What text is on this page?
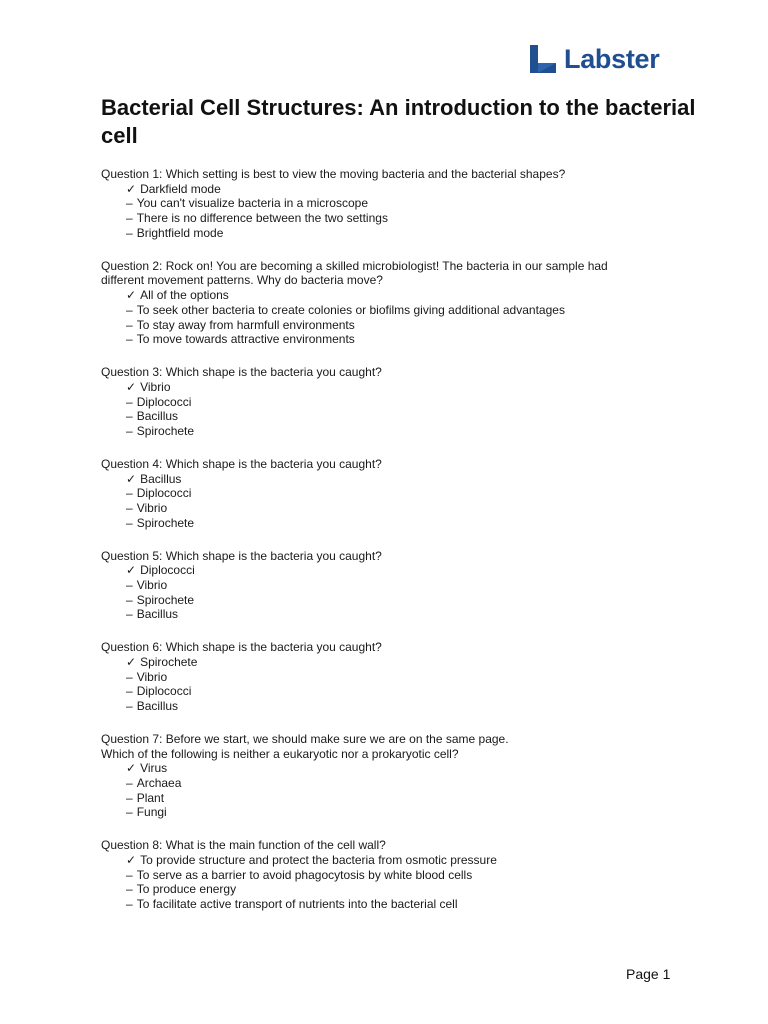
Labster
Bacterial Cell Structures: An introduction to the bacterial cell
Question 1: Which setting is best to view the moving bacteria and the bacterial shapes?
✓ Darkfield mode
– You can't visualize bacteria in a microscope
– There is no difference between the two settings
– Brightfield mode
Question 2: Rock on! You are becoming a skilled microbiologist! The bacteria in our sample had
different movement patterns. Why do bacteria move?
✓ All of the options
– To seek other bacteria to create colonies or biofilms giving additional advantages
– To stay away from harmfull environments
– To move towards attractive environments
Question 3: Which shape is the bacteria you caught?
✓ Vibrio
– Diplococci
– Bacillus
– Spirochete
Question 4: Which shape is the bacteria you caught?
✓ Bacillus
– Diplococci
– Vibrio
– Spirochete
Question 5: Which shape is the bacteria you caught?
✓ Diplococci
– Vibrio
– Spirochete
– Bacillus
Question 6: Which shape is the bacteria you caught?
✓ Spirochete
– Vibrio
– Diplococci
– Bacillus
Question 7: Before we start, we should make sure we are on the same page.
Which of the following is neither a eukaryotic nor a prokaryotic cell?
✓ Virus
– Archaea
– Plant
– Fungi
Question 8: What is the main function of the cell wall?
✓ To provide structure and protect the bacteria from osmotic pressure
– To serve as a barrier to avoid phagocytosis by white blood cells
– To produce energy
– To facilitate active transport of nutrients into the bacterial cell
Page 1
